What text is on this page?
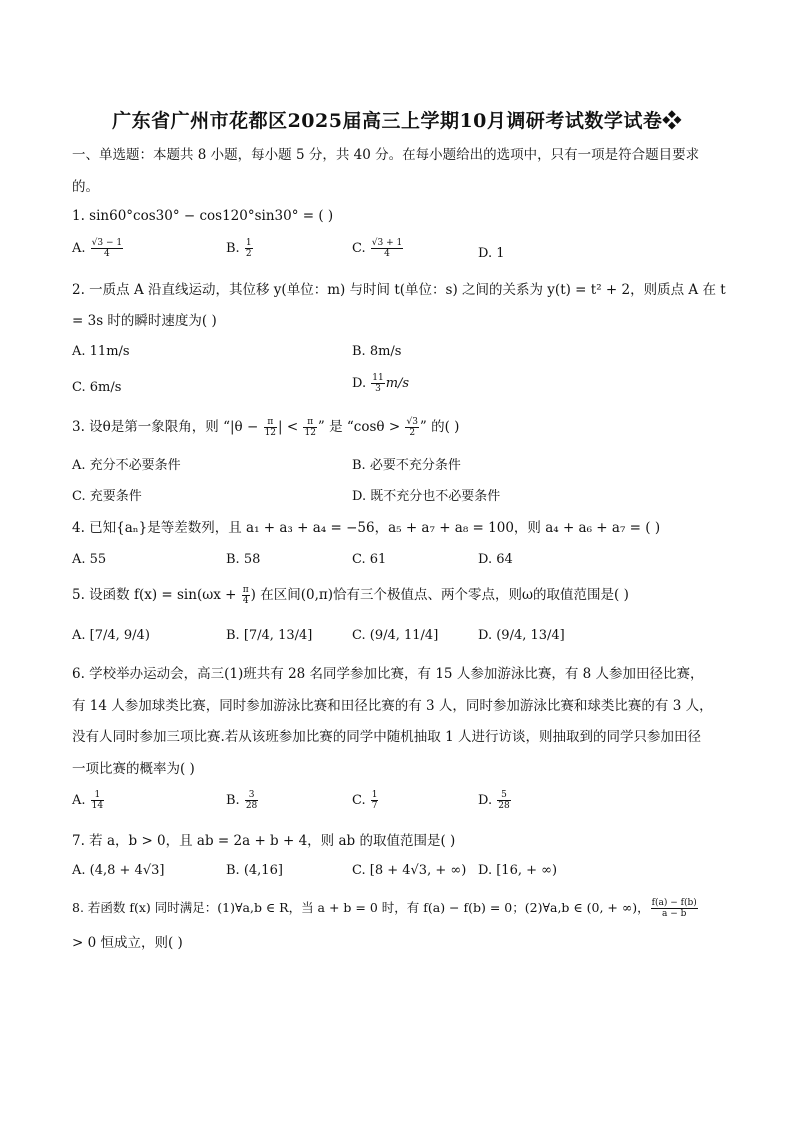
广东省广州市花都区2025届高三上学期10月调研考试数学试卷❖
一、单选题：本题共 8 小题，每小题 5 分，共 40 分。在每小题给出的选项中，只有一项是符合题目要求
的。
1. sin60°cos30° − cos120°sin30° = ( )
A. $\frac{√3 - 1}{4}$	B. $\frac{1}{2}$	C. $\frac{√3 + 1}{4}$	D. 1
2. 一质点 A 沿直线运动，其位移 y(单位：m) 与时间 t(单位：s) 之间的关系为 y(t) = t² + 2，则质点 A 在 t
= 3s 时的瞬时速度为( )
A. 11m/s	B. 8m/s
C. 6m/s	D. $\frac{11}{3} m/s$
3. 设θ是第一象限角，则 “$|\theta - \frac{\pi}{12}$ | < $\frac{\pi}{12}$ ” 是 “$\cos\theta > \frac{√3}{2}$ ” 的( )
A. 充分不必要条件	B. 必要不充分条件
C. 充要条件	D. 既不充分也不必要条件
4. 已知{aₙ}是等差数列，且 a₁ + a₃ + a₄ = −56，a₅ + a₇ + a₈ = 100，则 a₄ + a₆ + a₇ = ( )
A. 55	B. 58	C. 61	D. 64
5. 设函数 $f(x) = \sin(\omega x + \frac{\pi}{4}$ ) 在区间(0,π)恰有三个极值点、两个零点，则ω的取值范围是( )
A. [7/4, 9/4)	B. [7/4, 13/4]	C. (9/4, 11/4]	D. (9/4, 13/4]
6. 学校举办运动会，高三(1)班共有 28 名同学参加比赛，有 15 人参加游泳比赛，有 8 人参加田径比赛，
有 14 人参加球类比赛，同时参加游泳比赛和田径比赛的有 3 人，同时参加游泳比赛和球类比赛的有 3 人，
没有人同时参加三项比赛.若从该班参加比赛的同学中随机抽取 1 人进行访谈，则抽取到的同学只参加田径
一项比赛的概率为( )
A. $\frac{1}{14}$	B. $\frac{3}{28}$	C. $\frac{1}{7}$	D. $\frac{5}{28}$
7. 若 a，b > 0，且 ab = 2a + b + 4，则 ab 的取值范围是( )
A. (4,8 + 4√3]	B. (4,16]	C. [8 + 4√3, + ∞) D. [16, + ∞)
8. 若函数 f(x) 同时满足：(1)∀a,b ∈ R，当 a + b = 0 时，有 f(a) − f(b) = 0；(2)∀a,b ∈ (0, + ∞)， $\frac{f(a) - f(b)}{a - b}$
> 0 恒成立，则( )
